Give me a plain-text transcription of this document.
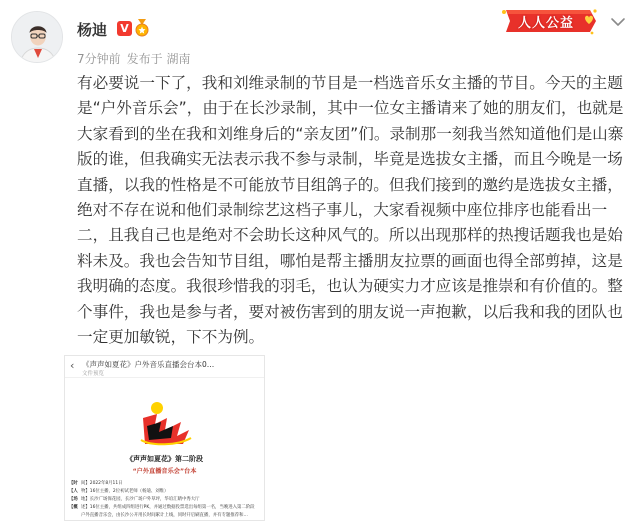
杨迪 V
7分钟前 发布于 湖南
人人公益

有必要说一下了，我和刘维录制的节目是一档选音乐女主播的节目。今天的主题

是“户外音乐会”，由于在长沙录制，其中一位女主播请来了她的朋友们，也就是

大家看到的坐在我和刘维身后的“亲友团”们。录制那一刻我当然知道他们是山寨

版的谁，但我确实无法表示我不参与录制，毕竟是选拔女主播，而且今晚是一场

直播，以我的性格是不可能放节目组鸽子的。但我们接到的邀约是选拔女主播，

绝对不存在说和他们录制综艺这档子事儿，大家看视频中座位排序也能看出一

二，且我自己也是绝对不会助长这种风气的。所以出现那样的热搜话题我也是始

料未及。我也会告知节目组，哪怕是帮主播朋友拉票的画面也得全部剪掉，这是

我明确的态度。我很珍惜我的羽毛，也认为硬实力才应该是推崇和有价值的。整

个事件，我也是参与者，要对被伤害到的朋友说一声抱歉，以后我和我的团队也

一定更加敏锐，下不为例。

‹ 《声声如夏花》户外音乐直播会台本0…
文件预览
《声声如夏花》第二阶段
“户外直播音乐会”台本
【时 间】2022年8月11日
【人 物】16位主播，2位初试老师（杨迪、刘维）
【场 地】长沙广场保花园，长沙广场户外草坪，华谊汇睛中秀大厅
【概 述】16位主播，共组成四组进行PK，并通过数据投票选出每组第一名，当晚进入第二阶段
户外直播音乐会，由长沙公开用长时间累计上线，同时开启刷直播，并有专题推荐和…
